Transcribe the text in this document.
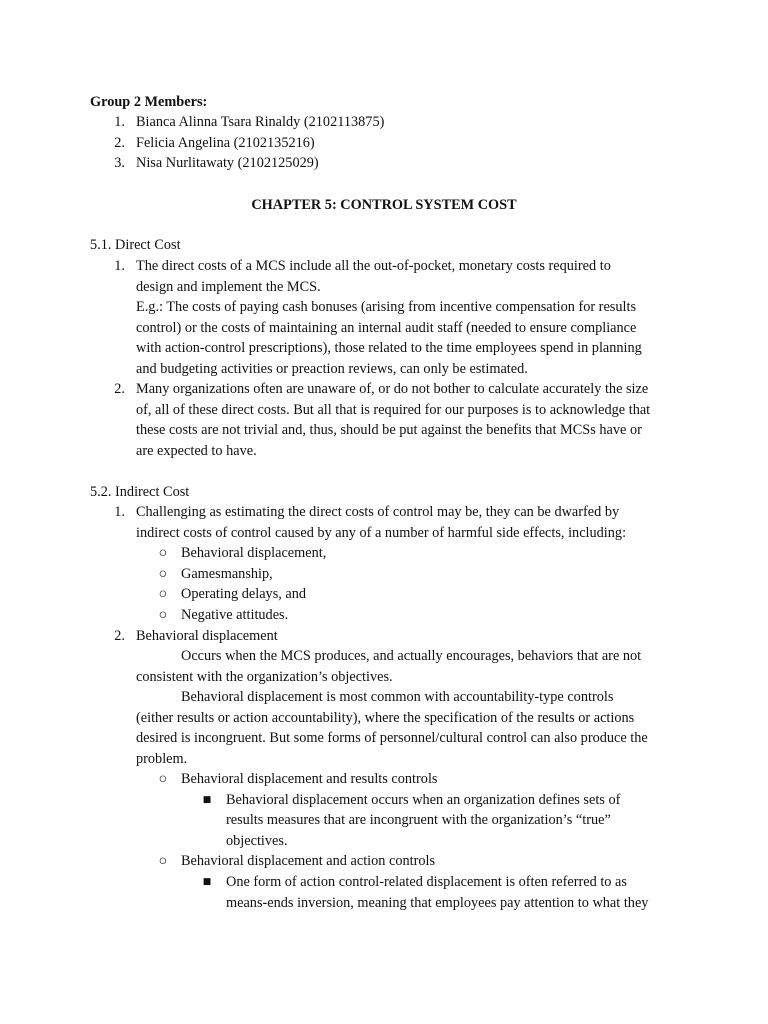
Group 2 Members:
1. Bianca Alinna Tsara Rinaldy (2102113875)
2. Felicia Angelina (2102135216)
3. Nisa Nurlitawaty (2102125029)
CHAPTER 5: CONTROL SYSTEM COST
5.1. Direct Cost
1. The direct costs of a MCS include all the out-of-pocket, monetary costs required to
design and implement the MCS.
E.g.: The costs of paying cash bonuses (arising from incentive compensation for results
control) or the costs of maintaining an internal audit staff (needed to ensure compliance
with action-control prescriptions), those related to the time employees spend in planning
and budgeting activities or preaction reviews, can only be estimated.
2. Many organizations often are unaware of, or do not bother to calculate accurately the size
of, all of these direct costs. But all that is required for our purposes is to acknowledge that
these costs are not trivial and, thus, should be put against the benefits that MCSs have or
are expected to have.
5.2. Indirect Cost
1. Challenging as estimating the direct costs of control may be, they can be dwarfed by
indirect costs of control caused by any of a number of harmful side effects, including:
○ Behavioral displacement,
○ Gamesmanship,
○ Operating delays, and
○ Negative attitudes.
2. Behavioral displacement
Occurs when the MCS produces, and actually encourages, behaviors that are not
consistent with the organization’s objectives.
Behavioral displacement is most common with accountability-type controls
(either results or action accountability), where the specification of the results or actions
desired is incongruent. But some forms of personnel/cultural control can also produce the
problem.
○ Behavioral displacement and results controls
■ Behavioral displacement occurs when an organization defines sets of
results measures that are incongruent with the organization’s “true”
objectives.
○ Behavioral displacement and action controls
■ One form of action control-related displacement is often referred to as
means-ends inversion, meaning that employees pay attention to what they
